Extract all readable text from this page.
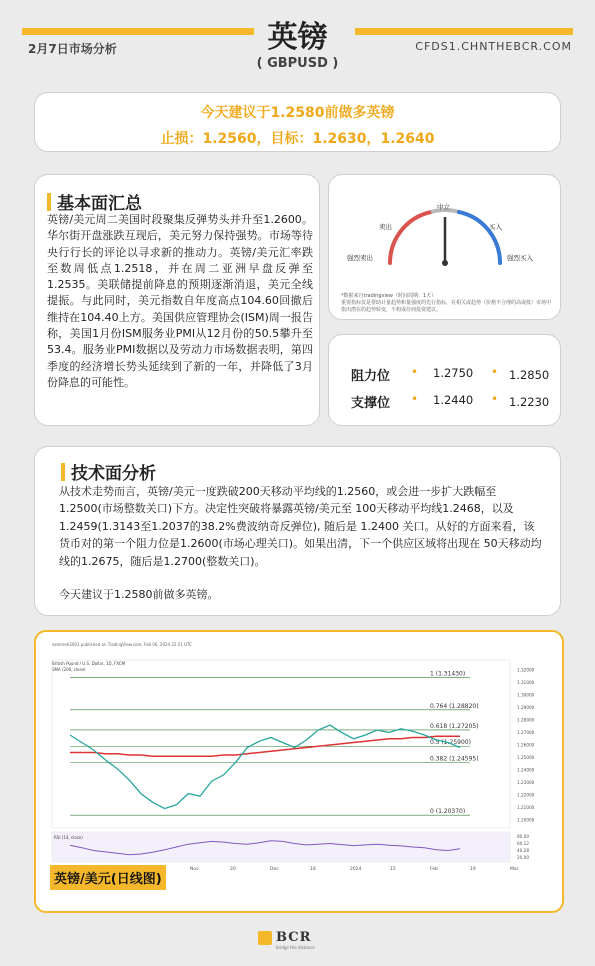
2月7日市场分析	CFDS1.CHNTHEBCR.COM
英镑
( GBPUSD )
今天建议于1.2580前做多英镑
止损：1.2560，目标：1.2630，1.2640
基本面汇总
英镑/美元周二美国时段聚集反弹势头并升至1.2600。华尔街开盘涨跌互现后，美元努力保持强势。市场等待央行行长的评论以寻求新的推动力。英镑/美元汇率跌至数周低点1.2518，并在周二亚洲早盘反弹至1.2535。美联储提前降息的预期逐渐消退，美元全线提振。与此同时，美元指数自年度高点104.60回撤后维持在104.40上方。美国供应管理协会(ISM)周一报告称，美国1月份ISM服务业PMI从12月份的50.5攀升至53.4。服务业PMI数据以及劳动力市场数据表明，第四季度的经济增长势头延续到了新的一年，并降低了3月份降息的可能性。
强烈卖出
卖出
中立
买入
强烈买入
*数据来自tradingview（时间周期：1天）
重要指标仅是帮助计量趋势和量强度的先行指标，在相关或趋势（价格不合理的高或低）市场中指出潜在的趋势转变，不构成任何投资建议。
阻力位 • 1.2750 • 1.2850
支撑位 • 1.2440 • 1.2230
技术面分析
从技术走势而言，英镑/美元一度跌破200天移动平均线的1.2560，或会进一步扩大跌幅至1.2500(市场整数关口)下方。决定性突破将暴露英镑/美元至 100天移动平均线1.2468，以及1.2459(1.3143至1.2037的38.2%费波纳奇反弹位), 随后是 1.2400 关口。从好的方面来看，该货币对的第一个阻力位是1.2600(市场心理关口)。如果出清，下一个供应区域将出现在 50天移动均线的1.2675，随后是1.2700(整数关口)。
今天建议于1.2580前做多英镑。
sammeh2001 published on TradingView.com, Feb 06, 2024 22:21 UTC
British Pound / U.S. Dollar, 1D, FXCM
SMA (200, close)
1 (1.31430)
0.764 (1.28820)
0.618 (1.27205)
0.5 (1.25900)
0.382 (1.24595)
0 (1.20370)
1.32000
1.31000
1.30000
1.29000
1.28000
1.27000
1.26000
1.25000
1.24000
1.23000
1.22000
1.21000
1.20000
Nov	20	Dec	18	2024	15	Feb	19	Mar
RSI (14, close)	80.00
60.12
40.28
20.00
英镑/美元(日线图)
BCR
bridge the distance
